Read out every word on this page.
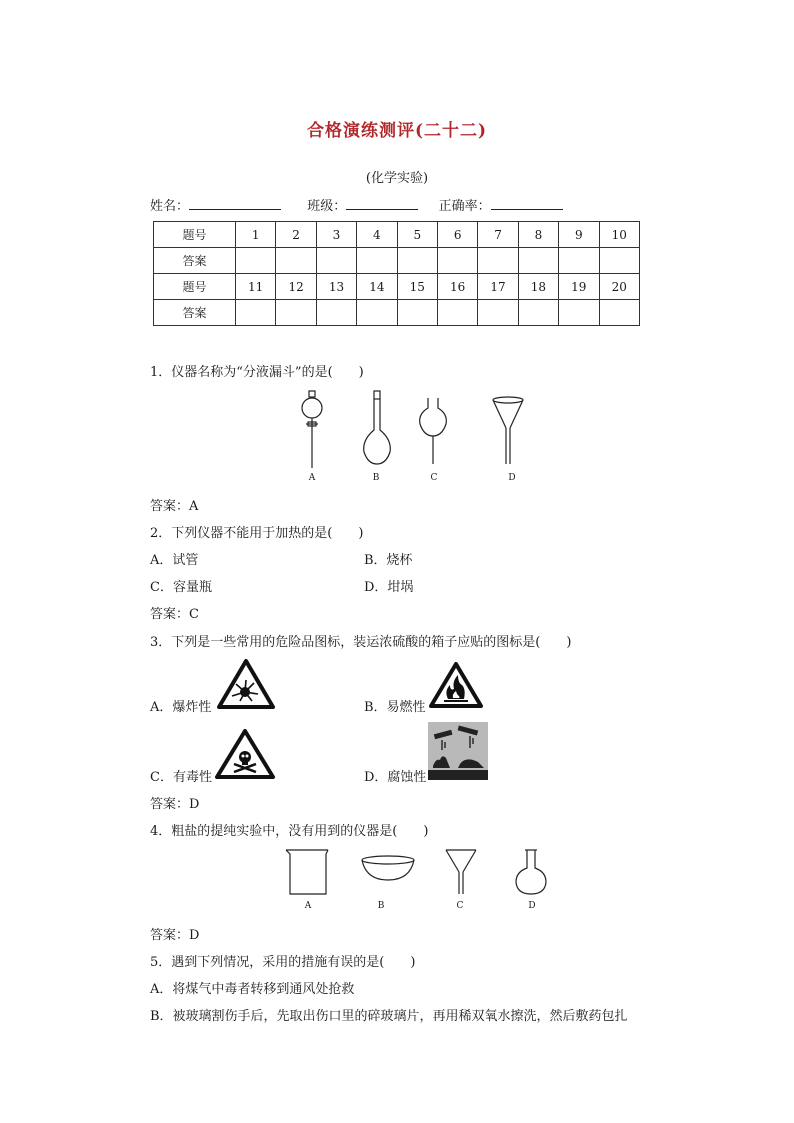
合格演练测评(二十二)
(化学实验)
姓名：	班级：	正确率：
题号	1	2	3	4	5	6	7	8	9	10
答案										
题号	11	12	13	14	15	16	17	18	19	20
答案										
1．仪器名称为“分液漏斗”的是(　　)
A	B	C	D
答案：A
2．下列仪器不能用于加热的是(　　)
A．试管	B．烧杯
C．容量瓶	D．坩埚
答案：C
3．下列是一些常用的危险品图标，装运浓硫酸的箱子应贴的图标是(　　)
A．爆炸性	B．易燃性
C．有毒性	D．腐蚀性
答案：D
4．粗盐的提纯实验中，没有用到的仪器是(　　)
A	B	C	D
答案：D
5．遇到下列情况，采用的措施有误的是(　　)
A．将煤气中毒者转移到通风处抢救
B．被玻璃割伤手后，先取出伤口里的碎玻璃片，再用稀双氧水擦洗，然后敷药包扎
